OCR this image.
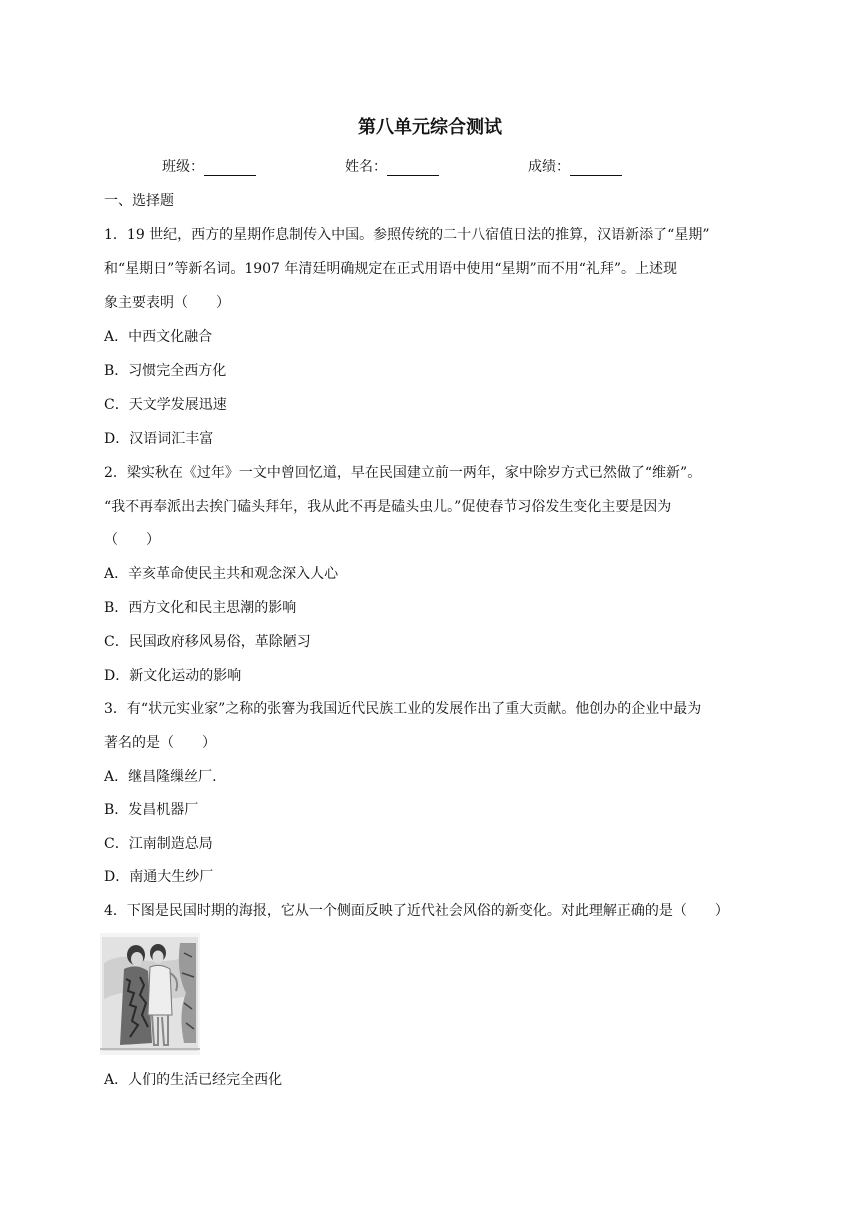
第八单元综合测试
班级：	姓名：	成绩：
一、选择题
1．19 世纪，西方的星期作息制传入中国。参照传统的二十八宿值日法的推算，汉语新添了“星期”
和“星期日”等新名词。1907 年清廷明确规定在正式用语中使用“星期”而不用“礼拜”。上述现
象主要表明（　　）
A．中西文化融合
B．习惯完全西方化
C．天文学发展迅速
D．汉语词汇丰富
2．梁实秋在《过年》一文中曾回忆道，早在民国建立前一两年，家中除岁方式已然做了“维新”。
“我不再奉派出去挨门磕头拜年，我从此不再是磕头虫儿。”促使春节习俗发生变化主要是因为
（　　）
A．辛亥革命使民主共和观念深入人心
B．西方文化和民主思潮的影响
C．民国政府移风易俗，革除陋习
D．新文化运动的影响
3．有“状元实业家”之称的张謇为我国近代民族工业的发展作出了重大贡献。他创办的企业中最为
著名的是（　　）
A．继昌隆缫丝厂.
B．发昌机器厂
C．江南制造总局
D．南通大生纱厂
4．下图是民国时期的海报，它从一个侧面反映了近代社会风俗的新变化。对此理解正确的是（　　）
A．人们的生活已经完全西化
